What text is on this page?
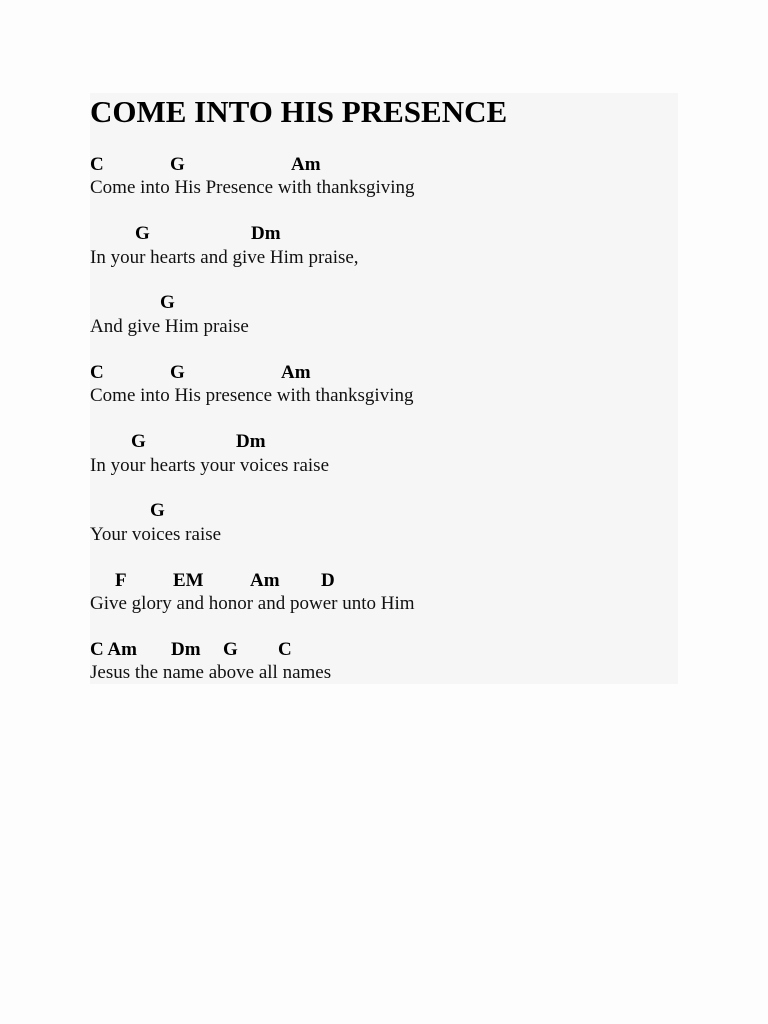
COME INTO HIS PRESENCE
C	G	Am
Come into His Presence with thanksgiving
G	Dm
In your hearts and give Him praise,
G
And give Him praise
C	G	Am
Come into His presence with thanksgiving
G	Dm
In your hearts your voices raise
G
Your voices raise
F EM Am D
Give glory and honor and power unto Him
C Am Dm G C
Jesus the name above all names
